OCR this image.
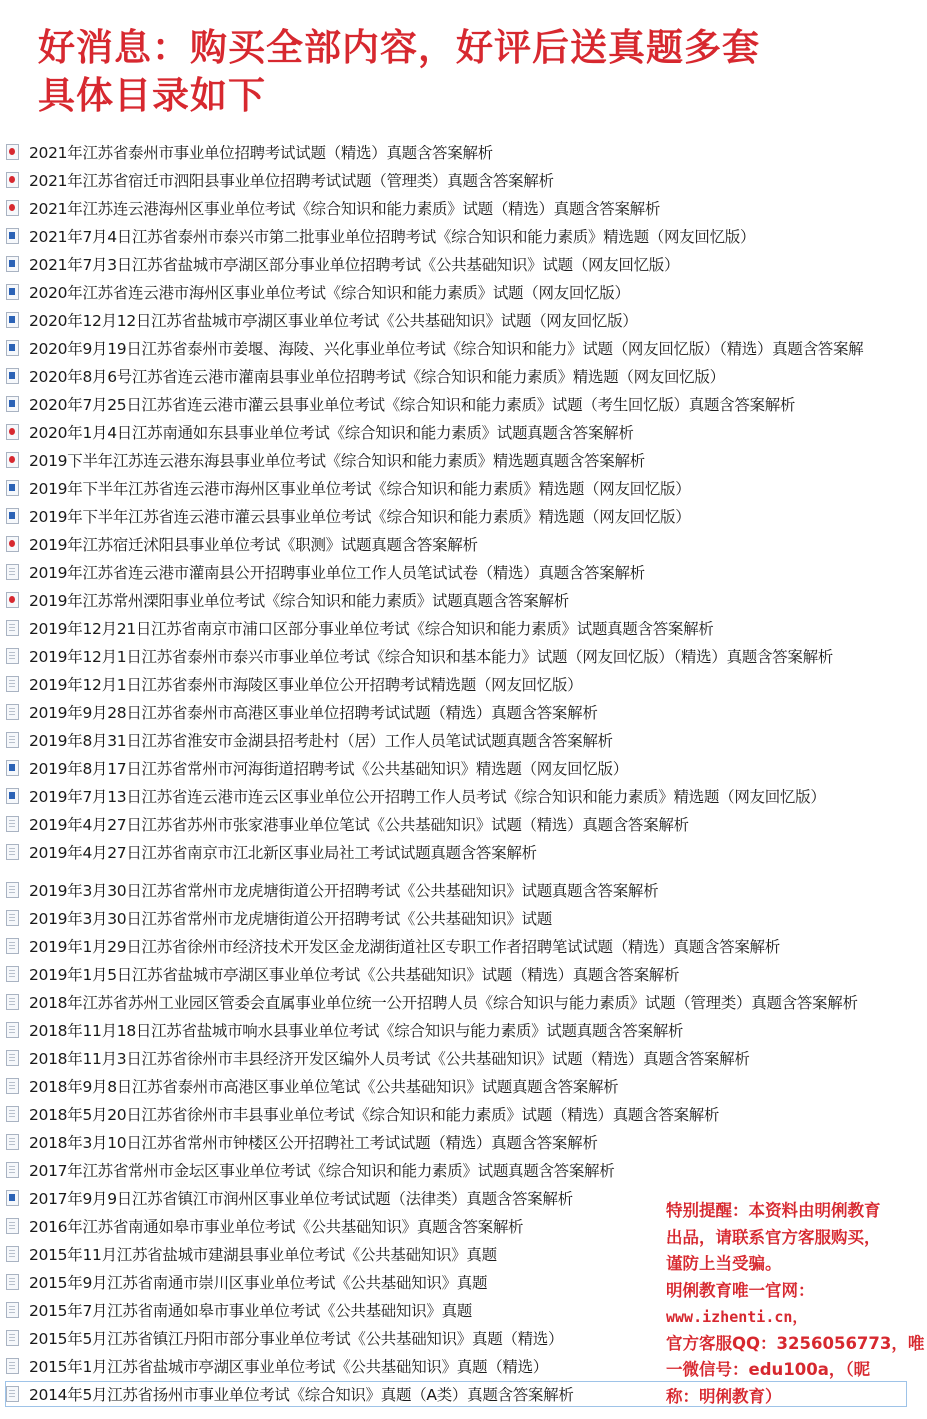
好消息：购买全部内容，好评后送真题多套
具体目录如下
2021年江苏省泰州市事业单位招聘考试试题（精选）真题含答案解析
2021年江苏省宿迁市泗阳县事业单位招聘考试试题（管理类）真题含答案解析
2021年江苏连云港海州区事业单位考试《综合知识和能力素质》试题（精选）真题含答案解析
2021年7月4日江苏省泰州市泰兴市第二批事业单位招聘考试《综合知识和能力素质》精选题（网友回忆版）
2021年7月3日江苏省盐城市亭湖区部分事业单位招聘考试《公共基础知识》试题（网友回忆版）
2020年江苏省连云港市海州区事业单位考试《综合知识和能力素质》试题（网友回忆版）
2020年12月12日江苏省盐城市亭湖区事业单位考试《公共基础知识》试题（网友回忆版）
2020年9月19日江苏省泰州市姜堰、海陵、兴化事业单位考试《综合知识和能力》试题（网友回忆版）（精选）真题含答案解
2020年8月6号江苏省连云港市灌南县事业单位招聘考试《综合知识和能力素质》精选题（网友回忆版）
2020年7月25日江苏省连云港市灌云县事业单位考试《综合知识和能力素质》试题（考生回忆版）真题含答案解析
2020年1月4日江苏南通如东县事业单位考试《综合知识和能力素质》试题真题含答案解析
2019下半年江苏连云港东海县事业单位考试《综合知识和能力素质》精选题真题含答案解析
2019年下半年江苏省连云港市海州区事业单位考试《综合知识和能力素质》精选题（网友回忆版）
2019年下半年江苏省连云港市灌云县事业单位考试《综合知识和能力素质》精选题（网友回忆版）
2019年江苏宿迁沭阳县事业单位考试《职测》试题真题含答案解析
2019年江苏省连云港市灌南县公开招聘事业单位工作人员笔试试卷（精选）真题含答案解析
2019年江苏常州溧阳事业单位考试《综合知识和能力素质》试题真题含答案解析
2019年12月21日江苏省南京市浦口区部分事业单位考试《综合知识和能力素质》试题真题含答案解析
2019年12月1日江苏省泰州市泰兴市事业单位考试《综合知识和基本能力》试题（网友回忆版）（精选）真题含答案解析
2019年12月1日江苏省泰州市海陵区事业单位公开招聘考试精选题（网友回忆版）
2019年9月28日江苏省泰州市高港区事业单位招聘考试试题（精选）真题含答案解析
2019年8月31日江苏省淮安市金湖县招考赴村（居）工作人员笔试试题真题含答案解析
2019年8月17日江苏省常州市河海街道招聘考试《公共基础知识》精选题（网友回忆版）
2019年7月13日江苏省连云港市连云区事业单位公开招聘工作人员考试《综合知识和能力素质》精选题（网友回忆版）
2019年4月27日江苏省苏州市张家港事业单位笔试《公共基础知识》试题（精选）真题含答案解析
2019年4月27日江苏省南京市江北新区事业局社工考试试题真题含答案解析
2019年3月30日江苏省常州市龙虎塘街道公开招聘考试《公共基础知识》试题真题含答案解析
2019年3月30日江苏省常州市龙虎塘街道公开招聘考试《公共基础知识》试题
2019年1月29日江苏省徐州市经济技术开发区金龙湖街道社区专职工作者招聘笔试试题（精选）真题含答案解析
2019年1月5日江苏省盐城市亭湖区事业单位考试《公共基础知识》试题（精选）真题含答案解析
2018年江苏省苏州工业园区管委会直属事业单位统一公开招聘人员《综合知识与能力素质》试题（管理类）真题含答案解析
2018年11月18日江苏省盐城市响水县事业单位考试《综合知识与能力素质》试题真题含答案解析
2018年11月3日江苏省徐州市丰县经济开发区编外人员考试《公共基础知识》试题（精选）真题含答案解析
2018年9月8日江苏省泰州市高港区事业单位笔试《公共基础知识》试题真题含答案解析
2018年5月20日江苏省徐州市丰县事业单位考试《综合知识和能力素质》试题（精选）真题含答案解析
2018年3月10日江苏省常州市钟楼区公开招聘社工考试试题（精选）真题含答案解析
2017年江苏省常州市金坛区事业单位考试《综合知识和能力素质》试题真题含答案解析
2017年9月9日江苏省镇江市润州区事业单位考试试题（法律类）真题含答案解析
2016年江苏省南通如皋市事业单位考试《公共基础知识》真题含答案解析
2015年11月江苏省盐城市建湖县事业单位考试《公共基础知识》真题
2015年9月江苏省南通市崇川区事业单位考试《公共基础知识》真题
2015年7月江苏省南通如皋市事业单位考试《公共基础知识》真题
2015年5月江苏省镇江丹阳市部分事业单位考试《公共基础知识》真题（精选）
2015年1月江苏省盐城市亭湖区事业单位考试《公共基础知识》真题（精选）
2014年5月江苏省扬州市事业单位考试《综合知识》真题（A类）真题含答案解析

特别提醒：本资料由明俐教育

出品，请联系官方客服购买，

谨防上当受骗。

明俐教育唯一官网：

www.izhenti.cn，

官方客服QQ：3256056773，唯

一微信号：edu100a，（昵

称：明俐教育）
